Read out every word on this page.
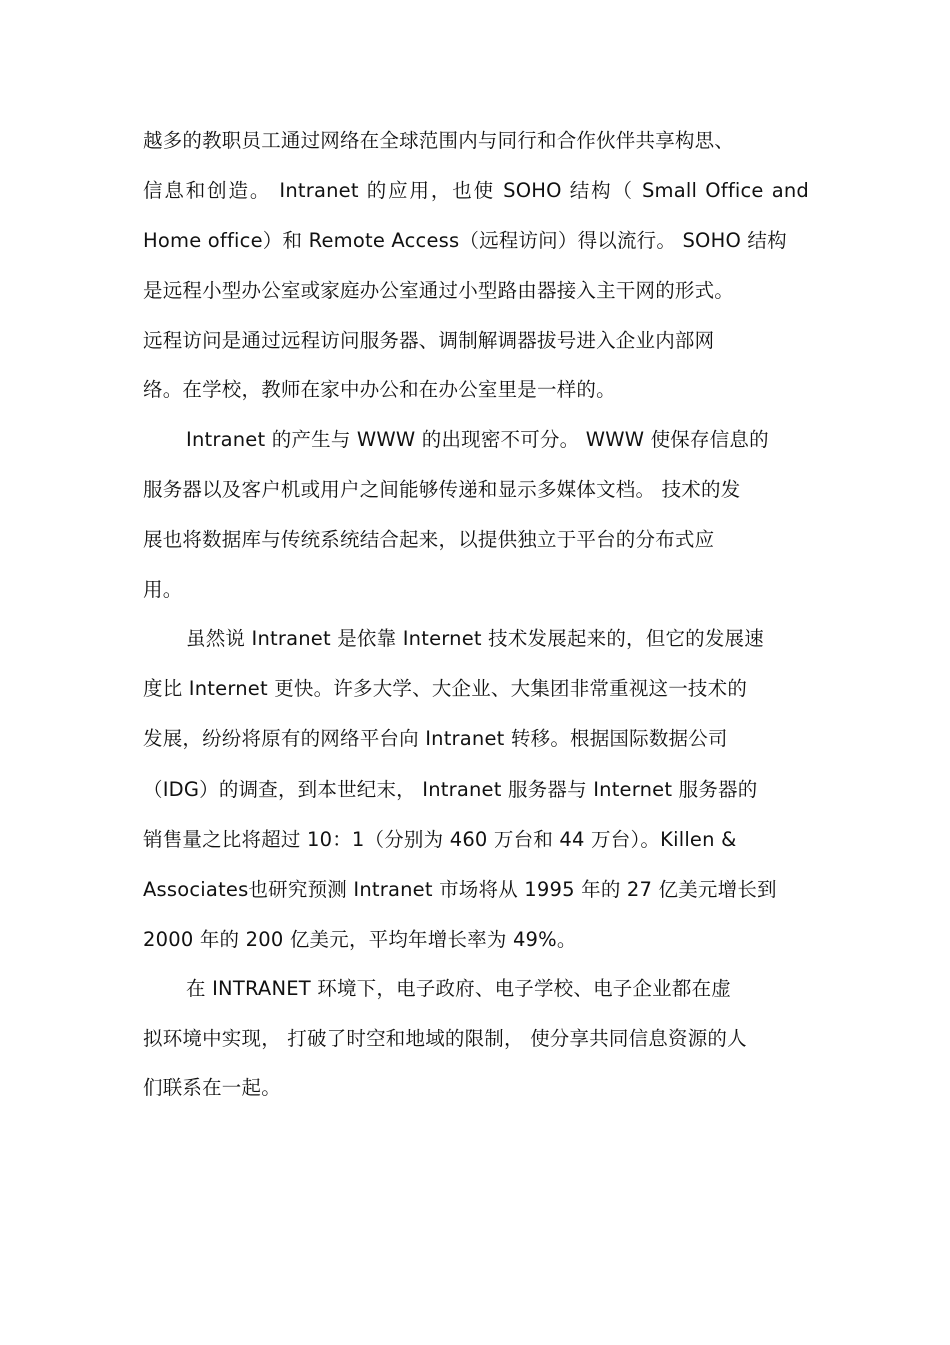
越多的教职员工通过网络在全球范围内与同行和合作伙伴共享构思、
信息和创造。 Intranet 的应用，也使 SOHO 结构（ Small Office and
Home office）和 Remote Access（远程访问）得以流行。 SOHO 结构
是远程小型办公室或家庭办公室通过小型路由器接入主干网的形式。
远程访问是通过远程访问服务器、调制解调器拔号进入企业内部网
络。在学校，教师在家中办公和在办公室里是一样的。
Intranet 的产生与 WWW 的出现密不可分。 WWW 使保存信息的
服务器以及客户机或用户之间能够传递和显示多媒体文档。 技术的发
展也将数据库与传统系统结合起来，以提供独立于平台的分布式应
用。
虽然说 Intranet 是依靠 Internet 技术发展起来的，但它的发展速
度比 Internet 更快。许多大学、大企业、大集团非常重视这一技术的
发展，纷纷将原有的网络平台向 Intranet 转移。根据国际数据公司
（IDG）的调查，到本世纪末， Intranet 服务器与 Internet 服务器的
销售量之比将超过 10：1（分别为 460 万台和 44 万台）。Killen &
Associates也研究预测 Intranet 市场将从 1995 年的 27 亿美元增长到
2000 年的 200 亿美元，平均年增长率为 49%。
在 INTRANET 环境下，电子政府、电子学校、电子企业都在虚
拟环境中实现， 打破了时空和地域的限制， 使分享共同信息资源的人
们联系在一起。
